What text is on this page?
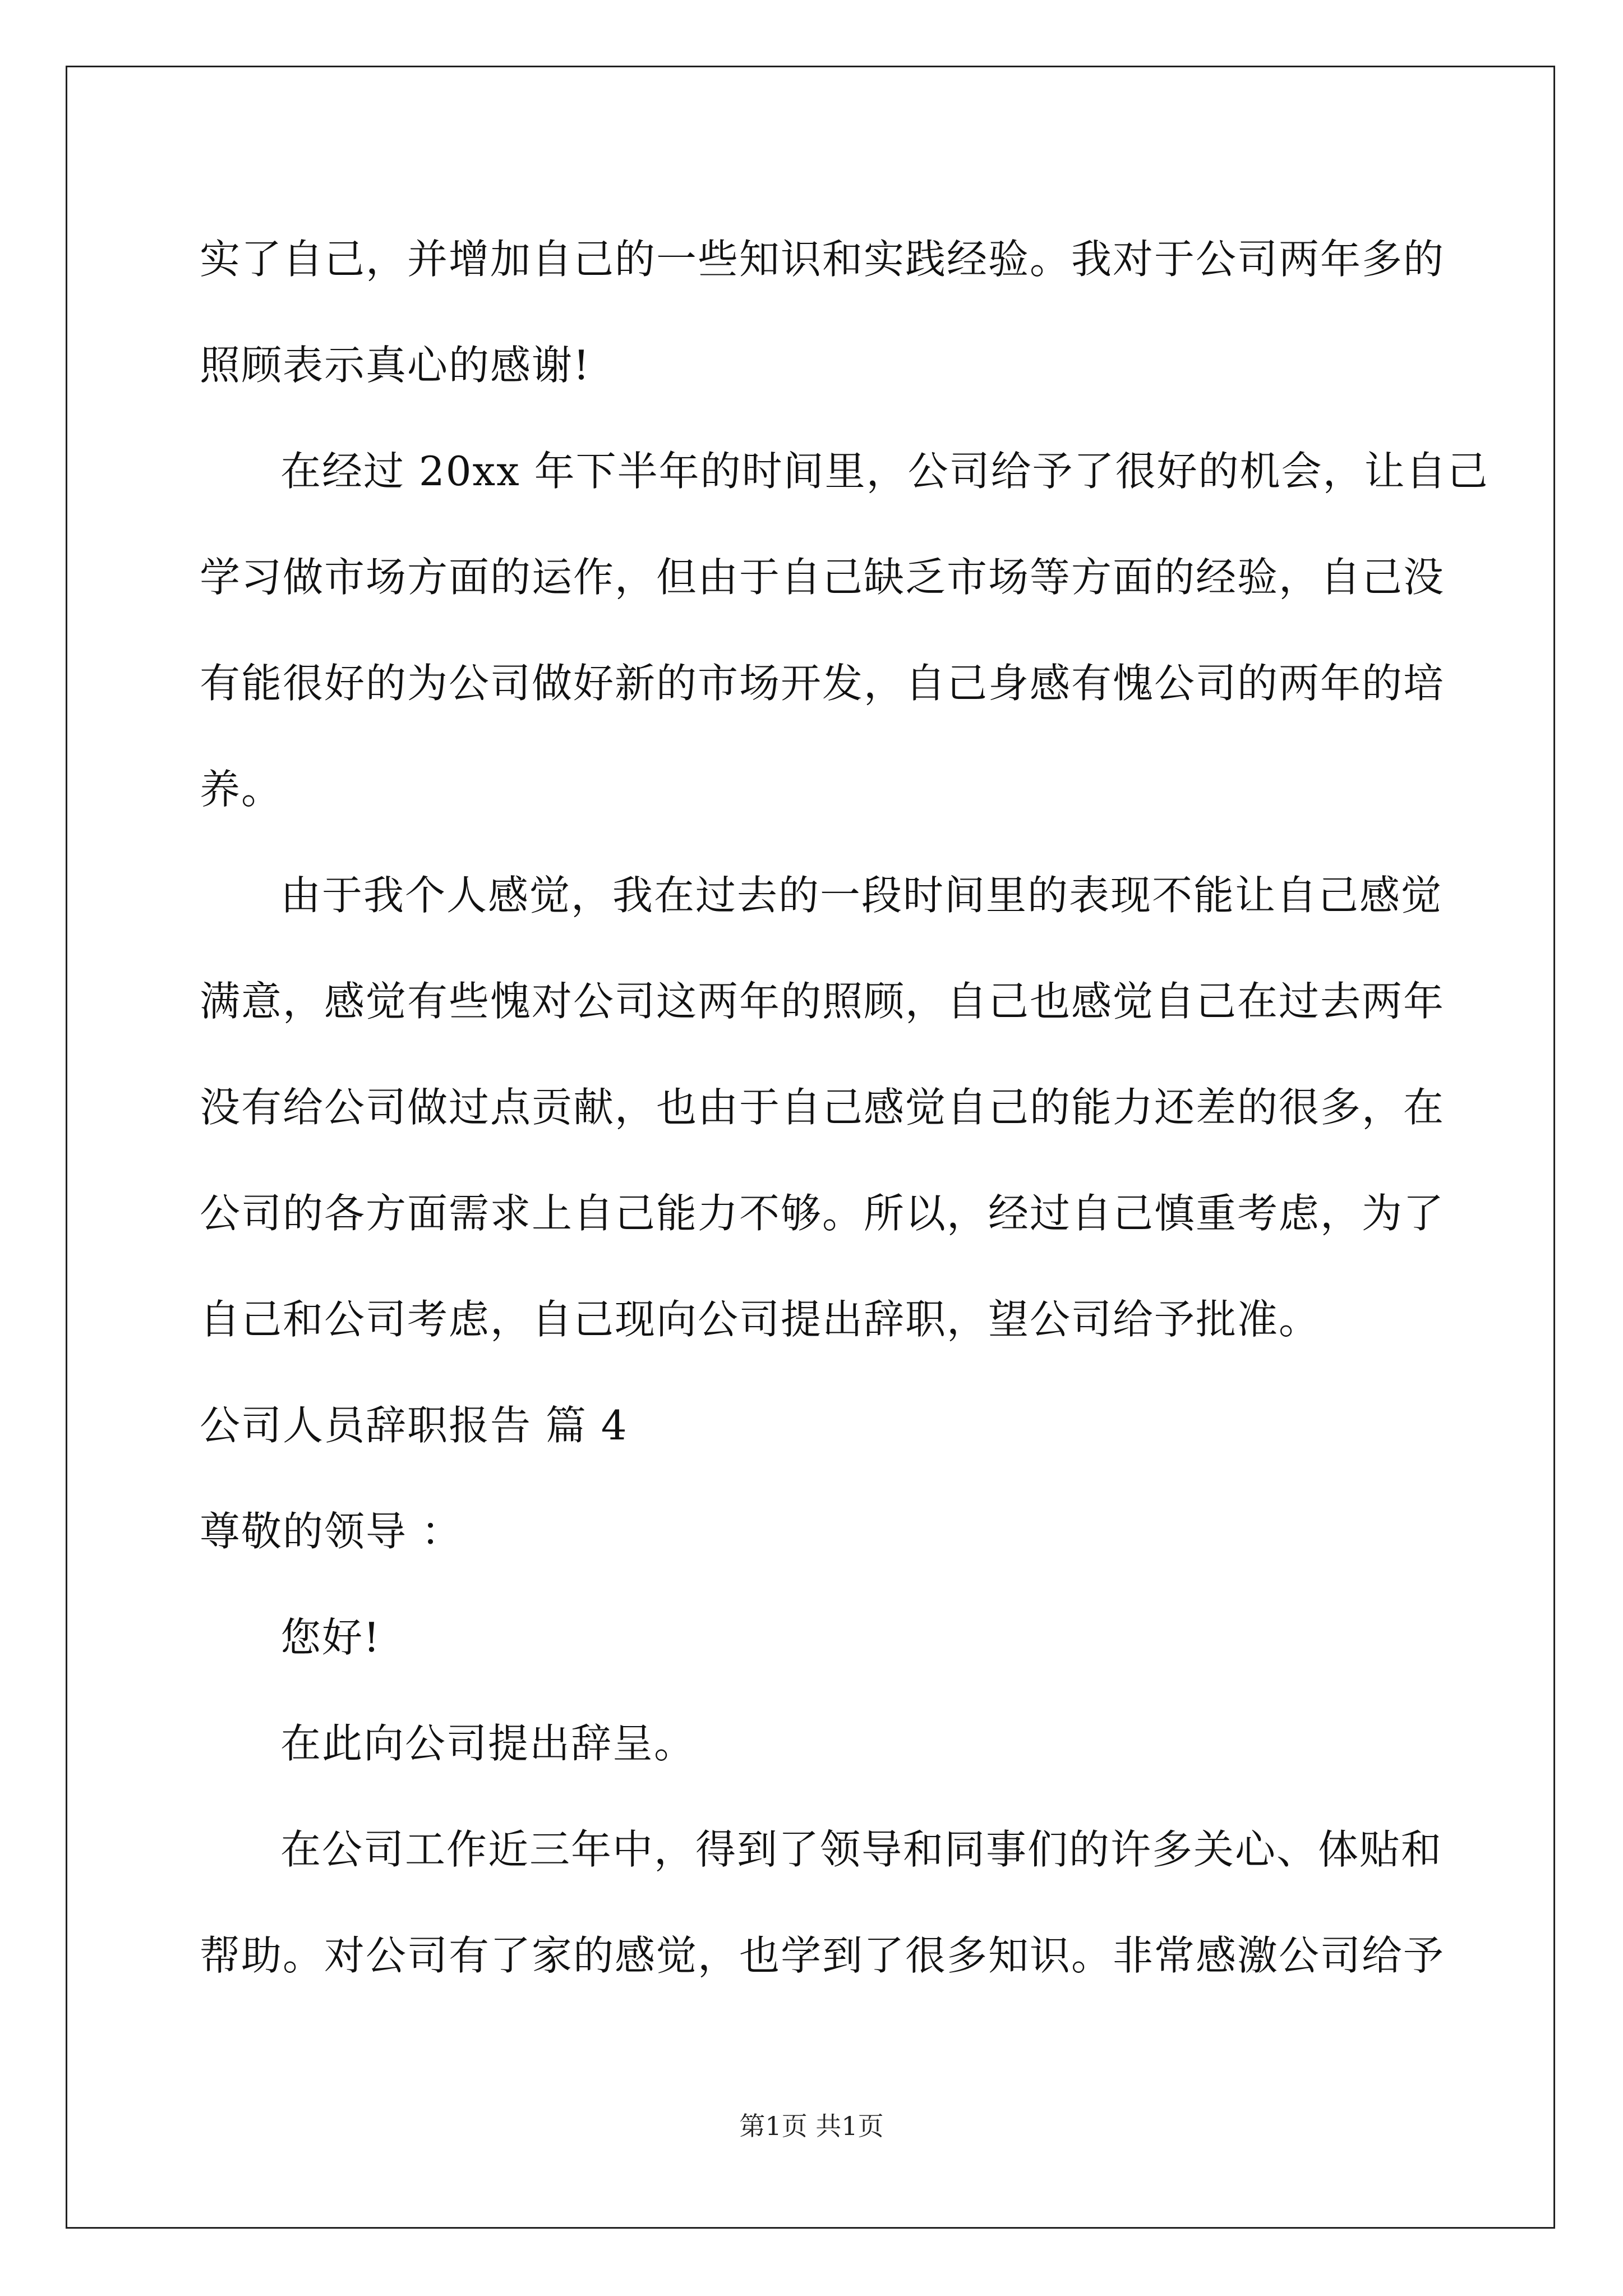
实了自己，并增加自己的一些知识和实践经验。我对于公司两年多的
照顾表示真心的感谢!
在经过 20xx 年下半年的时间里，公司给予了很好的机会，让自己
学习做市场方面的运作，但由于自己缺乏市场等方面的经验，自己没
有能很好的为公司做好新的市场开发，自己身感有愧公司的两年的培
养。
由于我个人感觉，我在过去的一段时间里的表现不能让自己感觉
满意，感觉有些愧对公司这两年的照顾，自己也感觉自己在过去两年
没有给公司做过点贡献，也由于自己感觉自己的能力还差的很多，在
公司的各方面需求上自己能力不够。所以，经过自己慎重考虑，为了
自己和公司考虑，自己现向公司提出辞职，望公司给予批准。
公司人员辞职报告 篇 4
尊敬的领导 ：
您好!
在此向公司提出辞呈。
在公司工作近三年中，得到了领导和同事们的许多关心、体贴和
帮助。对公司有了家的感觉，也学到了很多知识。非常感激公司给予
第1页 共1页
